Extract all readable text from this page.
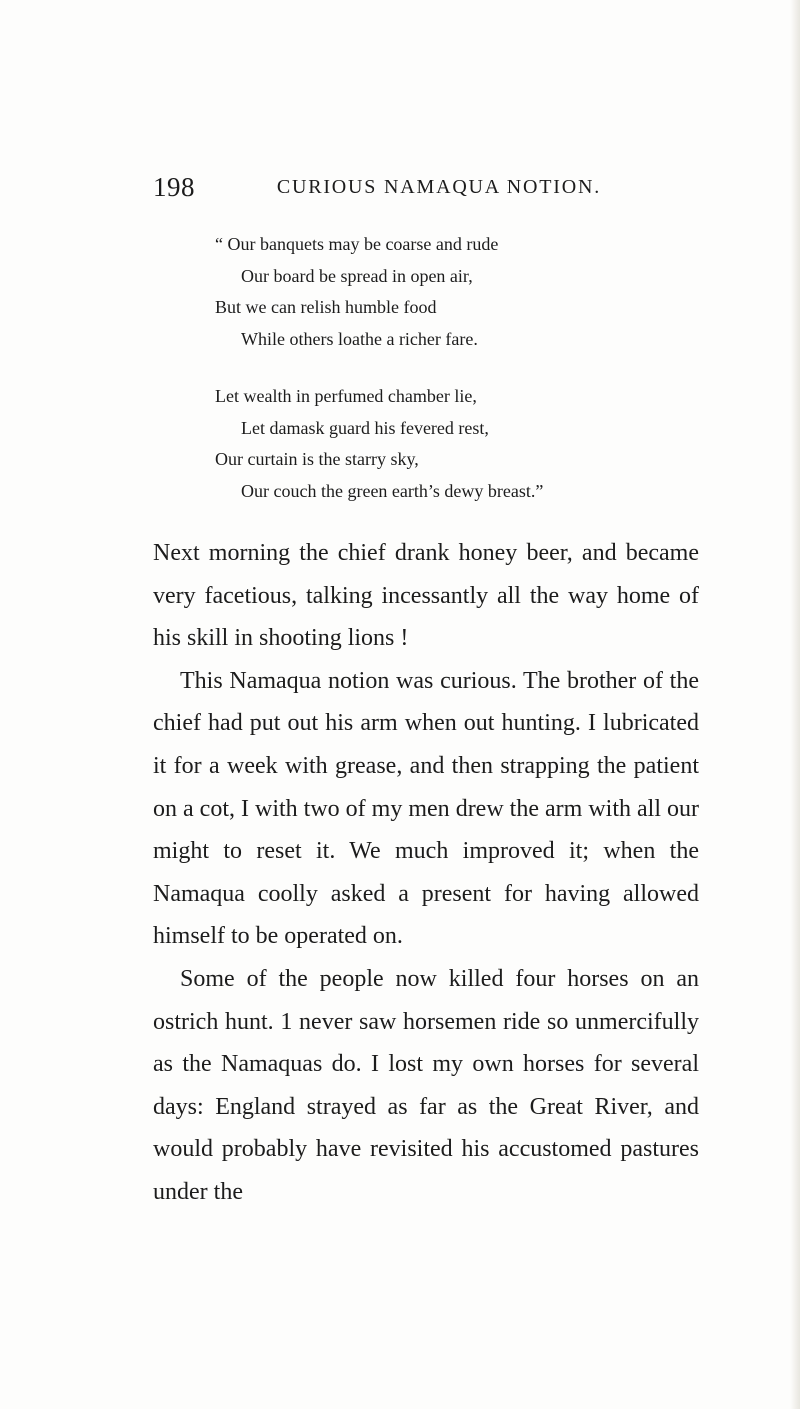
198	CURIOUS NAMAQUA NOTION.
“ Our banquets may be coarse and rude
Our board be spread in open air,
But we can relish humble food
While others loathe a richer fare.
Let wealth in perfumed chamber lie,
Let damask guard his fevered rest,
Our curtain is the starry sky,
Our couch the green earth’s dewy breast.”

Next morning the chief drank honey beer, and became very facetious, talking incessantly all the way home of his skill in shooting lions !

This Namaqua notion was curious. The brother of the chief had put out his arm when out hunting. I lubricated it for a week with grease, and then strapping the patient on a cot, I with two of my men drew the arm with all our might to reset it. We much improved it; when the Namaqua coolly asked a present for having allowed himself to be operated on.

Some of the people now killed four horses on an ostrich hunt. 1 never saw horsemen ride so unmercifully as the Namaquas do. I lost my own horses for several days: England strayed as far as the Great River, and would probably have revisited his accustomed pastures under the
